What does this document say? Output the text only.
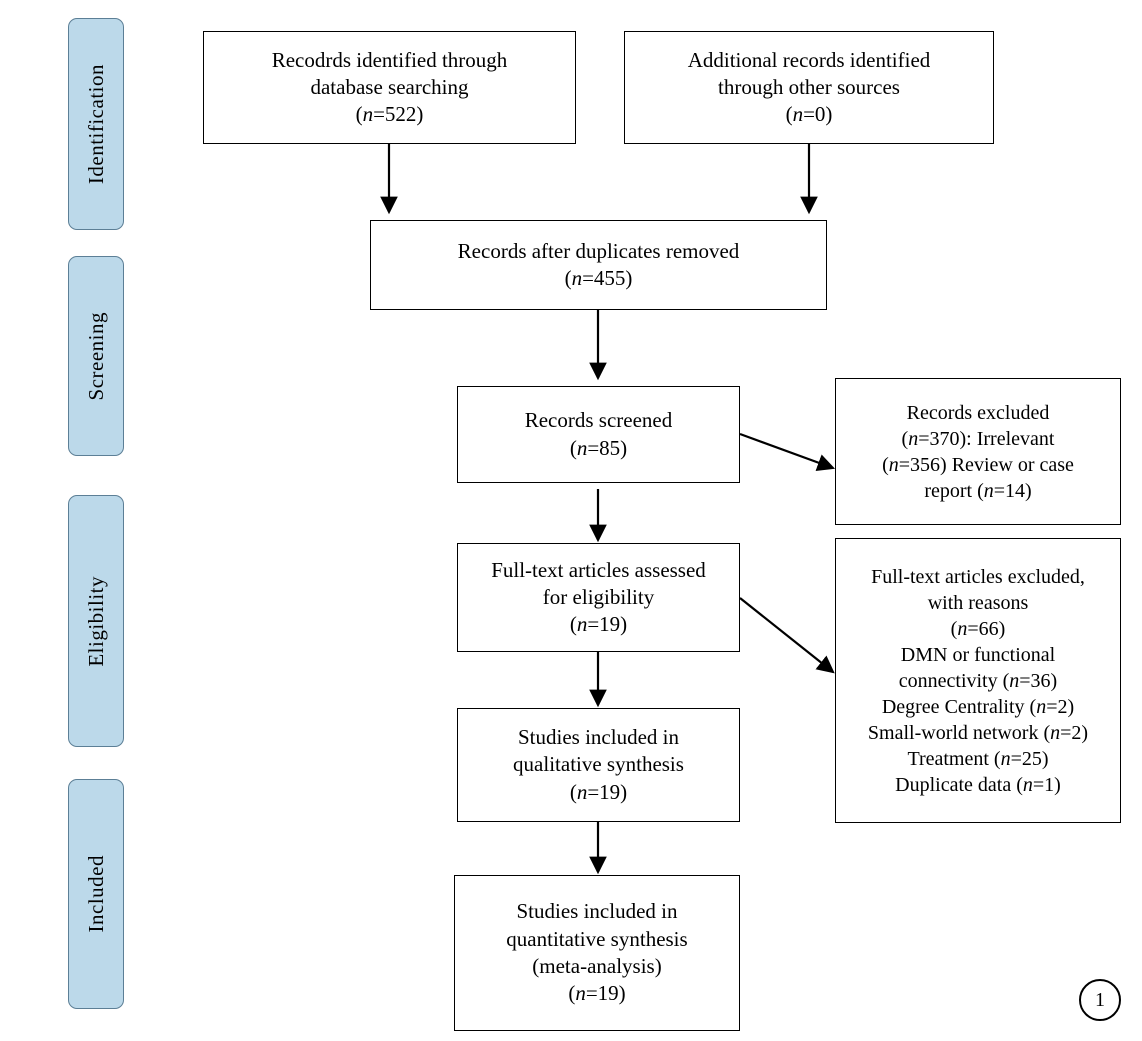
Identification
Screening
Eligibility
Included
Recodrds identified through
database searching
(n=522)
Additional records identified
through other sources
(n=0)
Records after duplicates removed
(n=455)
Records screened
(n=85)
Records excluded
(n=370): Irrelevant
(n=356) Review or case
report (n=14)
Full-text articles assessed
for eligibility
(n=19)
Full-text articles excluded,
with reasons
(n=66)
DMN or functional
connectivity (n=36)
Degree Centrality (n=2)
Small-world network (n=2)
Treatment (n=25)
Duplicate data (n=1)
Studies included in
qualitative synthesis
(n=19)
Studies included in
quantitative synthesis
(meta-analysis)
(n=19)	1
